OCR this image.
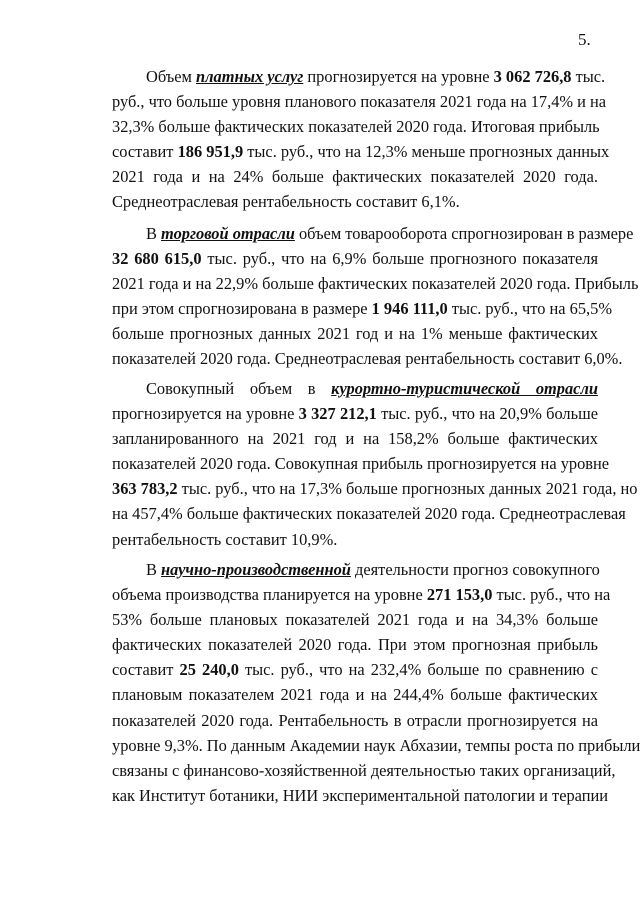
5.
Объем платных услуг прогнозируется на уровне 3 062 726,8 тыс.
руб., что больше уровня планового показателя 2021 года на 17,4% и на
32,3% больше фактических показателей 2020 года. Итоговая прибыль
составит 186 951,9 тыс. руб., что на 12,3% меньше прогнозных данных
2021 года и на 24% больше фактических показателей 2020 года.
Среднеотраслевая рентабельность составит 6,1%.
В торговой отрасли объем товарооборота спрогнозирован в размере
32 680 615,0 тыс. руб., что на 6,9% больше прогнозного показателя
2021 года и на 22,9% больше фактических показателей 2020 года. Прибыль
при этом спрогнозирована в размере 1 946 111,0 тыс. руб., что на 65,5%
больше прогнозных данных 2021 год и на 1% меньше фактических
показателей 2020 года. Среднеотраслевая рентабельность составит 6,0%.
Совокупный объем в курортно-туристической отрасли
прогнозируется на уровне 3 327 212,1 тыс. руб., что на 20,9% больше
запланированного на 2021 год и на 158,2% больше фактических
показателей 2020 года. Совокупная прибыль прогнозируется на уровне
363 783,2 тыс. руб., что на 17,3% больше прогнозных данных 2021 года, но
на 457,4% больше фактических показателей 2020 года. Среднеотраслевая
рентабельность составит 10,9%.
В научно-производственной деятельности прогноз совокупного
объема производства планируется на уровне 271 153,0 тыс. руб., что на
53% больше плановых показателей 2021 года и на 34,3% больше
фактических показателей 2020 года. При этом прогнозная прибыль
составит 25 240,0 тыс. руб., что на 232,4% больше по сравнению с
плановым показателем 2021 года и на 244,4% больше фактических
показателей 2020 года. Рентабельность в отрасли прогнозируется на
уровне 9,3%. По данным Академии наук Абхазии, темпы роста по прибыли
связаны с финансово-хозяйственной деятельностью таких организаций,
как Институт ботаники, НИИ экспериментальной патологии и терапии
